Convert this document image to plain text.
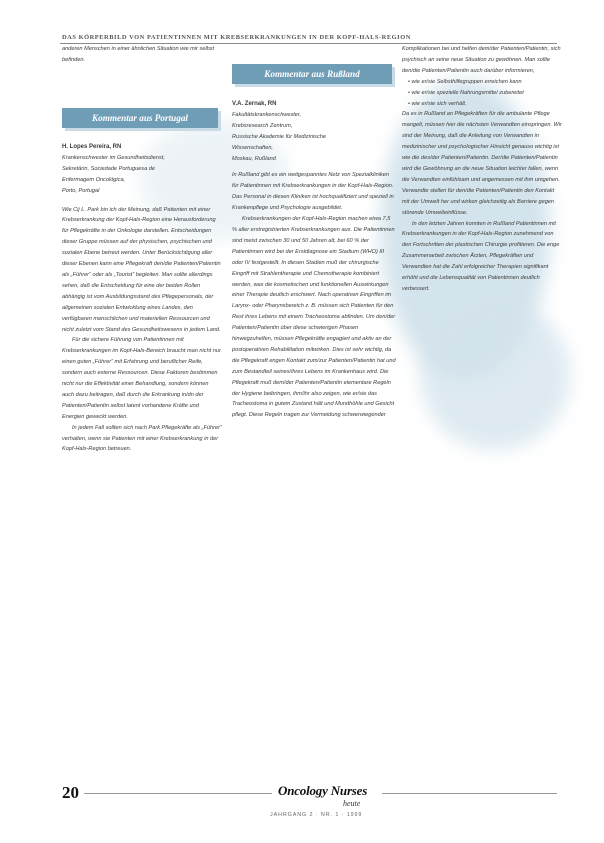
DAS KÖRPERBILD VON PATIENTINNEN MIT KREBSERKRANKUNGEN IN DER KOPF-HALS-REGION

anderen Menschen in einer ähnlichen Situation wie mir selbst befinden.

Kommentar aus Portugal

H. Lopes Pereira, RN

Krankenschwester im Gesundheitsdienst,

Sekretärin, Sociedade Portuguesa de

Enfermagem Oncológica,

Porto, Portugal

Wie Cij L. Park bin ich der Meinung, daß Patienten mit einer Krebserkrankung der Kopf-Hals-Region eine Herausforderung für Pflegekräfte in der Onkologie darstellen. Entscheidungen dieser Gruppe müssen auf der physischen, psychischen und sozialen Ebene betreut werden. Unter Berücksichtigung aller dieser Ebenen kann eine Pflegekraft den/die Patienten/Patientin als „Führer“ oder als „Tourist“ begleiten. Man sollte allerdings sehen, daß die Entscheidung für eine der beiden Rollen abhängig ist vom Ausbildungsstand des Pflegepersonals, der allgemeinen sozialen Entwicklung eines Landes, den verfügbaren menschlichen und materiellen Ressourcen und nicht zuletzt vom Stand des Gesundheitswesens in jedem Land.

Für die sichere Führung von Patientinnen mit Krebserkrankungen im Kopf-Hals-Bereich braucht man nicht nur einen guten „Führer“ mit Erfahrung und beruflicher Reife, sondern auch externe Ressourcen. Diese Faktoren bestimmen nicht nur die Effektivität einer Behandlung, sondern können auch dazu beitragen, daß durch die Erkrankung in/dn der Patienten/Patientin selbst latent vorhandene Kräfte und Energien geweckt werden.

In jedem Fall sollten sich nach Park Pflegekräfte als „Führer“ verhalten, wenn sie Patienten mit einer Krebserkrankung in der Kopf-Hals-Region betreuen.

Kommentar aus Rußland

V.A. Zernak, RN

Fakultätskrankenschwester,

Krebsresearch Zentrum,

Russische Akademie für Medizinische

Wissenschaften,

Moskau, Rußland

In Rußland gibt es ein weitgespanntes Netz von Spezialkliniken für Patientinnen mit Krebserkrankungen in der Kopf-Hals-Region. Das Personal in diesen Kliniken ist hochqualifiziert und speziell in Krankenpflege und Psychologie ausgebildet.

Krebserkrankungen der Kopf-Hals-Region machen etwa 7,5 % aller erstregistrierten Krebserkrankungen aus. Die Patientinnen sind meist zwischen 30 und 50 Jahren alt, bei 60 % der Patientinnen wird bei der Erstdiagnose ein Stadium (WHO) III oder IV festgestellt. In diesen Stadien muß der chirurgische Eingriff mit Strahlentherapie und Chemotherapie kombiniert werden, was die kosmetischen und funktionellen Auswirkungen einer Therapie deutlich erschwert. Nach operativen Eingriffen im Larynx- oder Pharynxbereich z. B. müssen sich Patienten für den Rest ihres Lebens mit einem Tracheostoma abfinden. Um den/der Patienten/Patientin über diese schwierigen Phasen hinwegzuhelfen, müssen Pflegekräfte engagiert und aktiv an der postoperativen Rehabilitation mitwirken. Dies ist sehr wichtig, da die Pflegekraft engen Kontakt zum/zur Patienten/Patientin hat und zum Bestandteil seines/ihres Lebens im Krankenhaus wird. Die Pflegekraft muß dem/der Patienten/Patientin elementare Regeln der Hygiene beibringen, ihm/ihr also zeigen, wie er/sie das Tracheostoma in gutem Zustand hält und Mundhöhle und Gesicht pflegt. Diese Regeln tragen zur Vermeidung schwerwiegender

Komplikationen bei und helfen dem/der Patienten/Patientin, sich psychisch an seine neue Situation zu gewöhnen. Man sollte den/die Patienten/Patientin auch darüber informieren,

• wie er/sie Selbsthilfegruppen erreichen kann

• wie er/sie spezielle Nahrungsmittel zubereitet

• wie er/sie sich verhält.

Da es in Rußland an Pflegekräften für die ambulante Pflege mangelt, müssen hier die nächsten Verwandten einspringen. Wir sind der Meinung, daß die Anleitung von Verwandten in medizinischer und psychologischer Hinsicht genauso wichtig ist wie die des/der Patienten/Patientin. Der/die Patienten/Patientin wird die Gewöhnung an die neue Situation leichter fallen, wenn die Verwandten einfühlsam und angemessen mit ihm umgehen. Verwandte stellen für den/die Patienten/Patientin den Kontakt mit der Umwelt her und wirken gleichzeitig als Barriere gegen störende Umwelteinflüsse.

In den letzten Jahren konnten in Rußland Patientinnen mit Krebserkrankungen in der Kopf-Hals-Region zunehmend von den Fortschritten der plastischen Chirurgie profitieren. Die enge Zusammenarbeit zwischen Ärzten, Pflegekräften und Verwandten hat die Zahl erfolgreicher Therapien signifikant erhöht und die Lebensqualität von Patientinnen deutlich verbessert.

20	Oncology Nurses
heute
JAHRGANG 2 · NR. 1 · 1999
